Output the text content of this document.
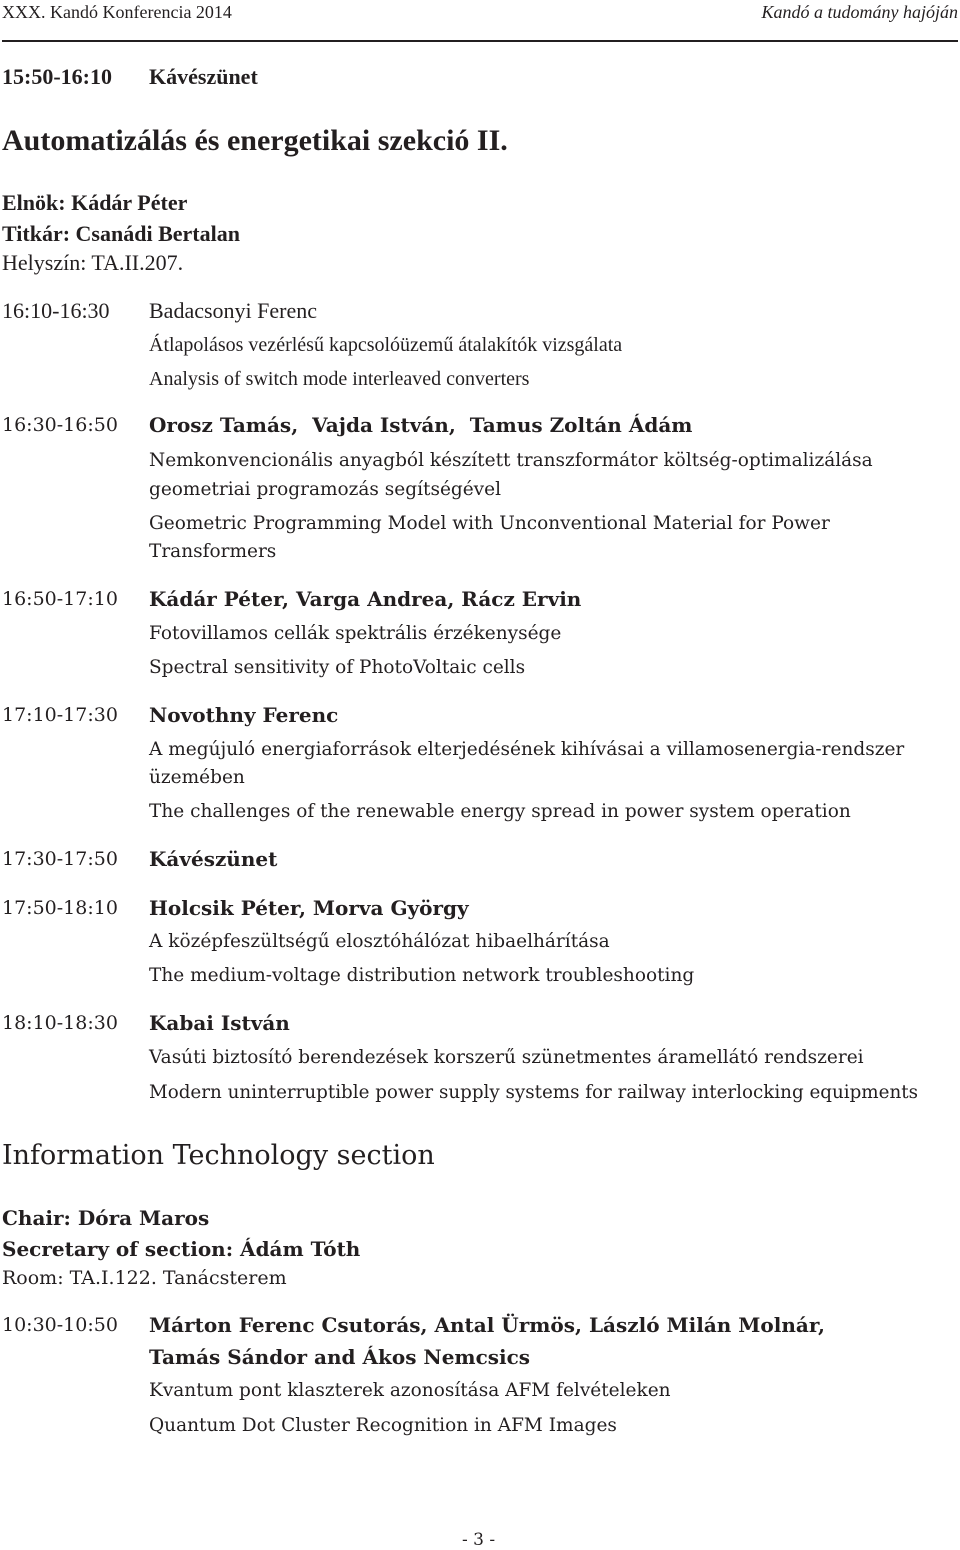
XXX. Kandó Konferencia 2014	Kandó a tudomány hajóján
15:50-16:10 Kávészünet
Automatizálás és energetikai szekció II.
Elnök: Kádár Péter
Titkár: Csanádi Bertalan
Helyszín: TA.II.207.
16:10-16:30 Badacsonyi Ferenc
Átlapolásos vezérlésű kapcsolóüzemű átalakítók vizsgálata
Analysis of switch mode interleaved converters
16:30-16:50 Orosz Tamás,  Vajda István,  Tamus Zoltán Ádám
Nemkonvencionális anyagból készített transzformátor költség-optimalizálása
geometriai programozás segítségével
Geometric Programming Model with Unconventional Material for Power
Transformers
16:50-17:10 Kádár Péter, Varga Andrea, Rácz Ervin
Fotovillamos cellák spektrális érzékenysége
Spectral sensitivity of PhotoVoltaic cells
17:10-17:30 Novothny Ferenc
A megújuló energiaforrások elterjedésének kihívásai a villamosenergia-rendszer
üzemében
The challenges of the renewable energy spread in power system operation
17:30-17:50 Kávészünet
17:50-18:10 Holcsik Péter, Morva György
A középfeszültségű elosztóhálózat hibaelhárítása
The medium-voltage distribution network troubleshooting
18:10-18:30 Kabai István
Vasúti biztosító berendezések korszerű szünetmentes áramellátó rendszerei
Modern uninterruptible power supply systems for railway interlocking equipments
Information Technology section
Chair: Dóra Maros
Secretary of section: Ádám Tóth
Room: TA.I.122. Tanácsterem
10:30-10:50 Márton Ferenc Csutorás, Antal Ürmös, László Milán Molnár,
Tamás Sándor and Ákos Nemcsics
Kvantum pont klaszterek azonosítása AFM felvételeken
Quantum Dot Cluster Recognition in AFM Images
- 3 -
